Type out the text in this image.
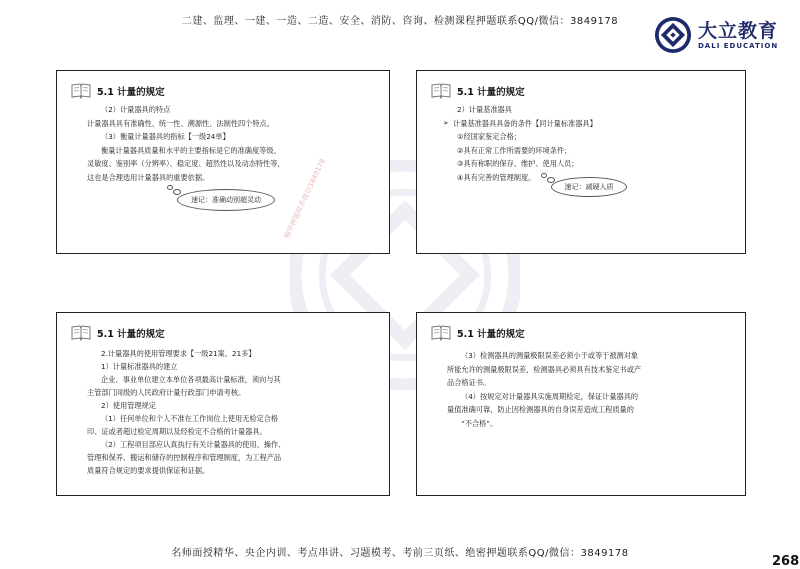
二建、监理、一建、一造、二造、安全、消防、咨询、检测课程押题联系QQ/微信：3849178	大立教育
DALI EDUCATION
5.1 计量的规定

（2）计量器具的特点

计量器具具有准确性、统一性、溯源性、法制性四个特点。

（3）衡量计量器具的指标【一级24单】

衡量计量器具质量和水平的主要指标是它的准确度等级、

灵敏度、鉴别率（分辨率）、稳定度、超然性以及动态特性等，

这也是合理选用计量器具的重要依据。

速记：准确动别超灵动
5.1 计量的规定

2）计量基准器具

➢ 计量基准器具具备的条件【同计量标准器具】

①经国家鉴定合格；

②具有正常工作所需要的环境条件；

③具有称职的保存、维护、使用人员；

④具有完善的管理制度。

速记：减硬人质
5.1 计量的规定

2.计量器具的使用管理要求【一级21案、21多】

1）计量标准器具的建立

企业、事业单位建立本单位各项最高计量标准，须向与其

主管部门同级的人民政府计量行政部门申请考核。

2）使用管理规定

（1）任何单位和个人不准在工作岗位上使用无检定合格

印、证或者超过检定周期以及经检定不合格的计量器具。

（2）工程项目部应认真执行有关计量器具的使用、操作、

管理和保养、搬运和储存的控制程序和管理制度，为工程产品

质量符合规定的要求提供保证和证据。

5.1 计量的规定

（3）检测器具的测量极限误差必须小于或等于被测对象

所能允许的测量极限误差，检测器具必须具有技术鉴定书或产

品合格证书。

（4）按规定对计量器具实施周期检定，保证计量器具的

量值准确可靠，防止因检测器具的自身误差造成工程质量的

“不合格”。

精华押题联系微信3849178
名师面授精华、央企内训、考点串讲、习题模考、考前三页纸、绝密押题联系QQ/微信：3849178
268
